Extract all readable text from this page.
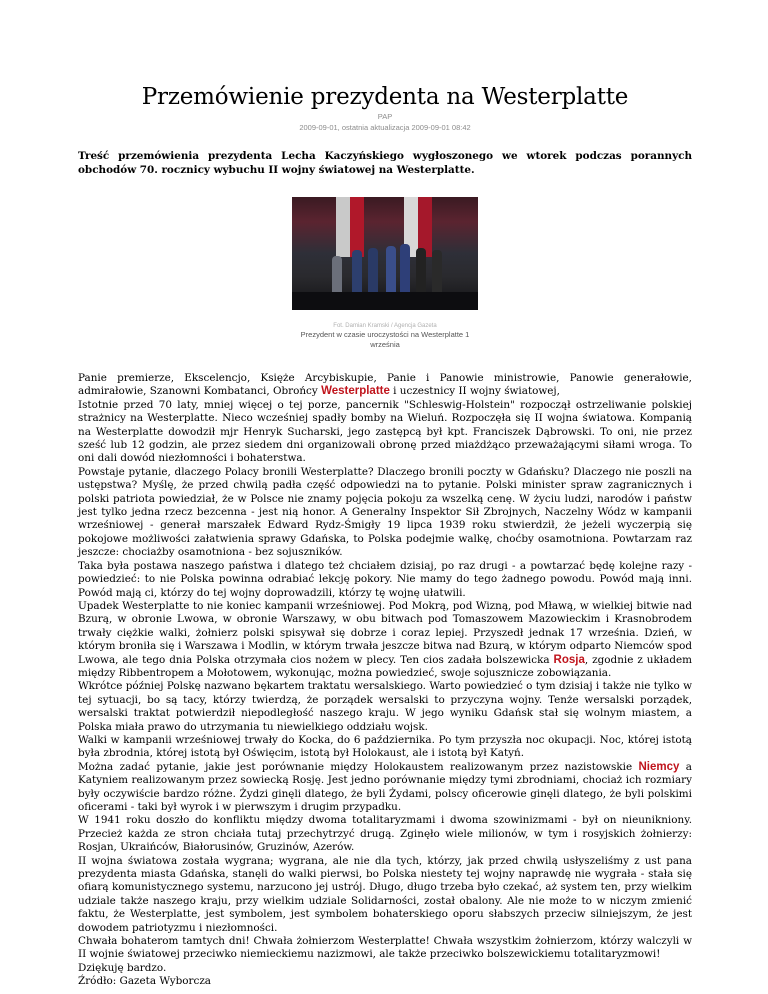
Przemówienie prezydenta na Westerplatte
PAP
2009-09-01, ostatnia aktualizacja 2009-09-01 08:42
Treść przemówienia prezydenta Lecha Kaczyńskiego wygłoszonego we wtorek podczas porannych obchodów 70. rocznicy wybuchu II wojny światowej na Westerplatte.
Fot. Damian Kramski / Agencja Gazeta
Prezydent w czasie uroczystości na Westerplatte 1 września

Panie premierze, Ekscelencjo, Księże Arcybiskupie, Panie i Panowie ministrowie, Panowie generałowie, admirałowie, Szanowni Kombatanci, Obrońcy Westerplatte i uczestnicy II wojny światowej,

Istotnie przed 70 laty, mniej więcej o tej porze, pancernik "Schleswig-Holstein" rozpoczął ostrzeliwanie polskiej strażnicy na Westerplatte. Nieco wcześniej spadły bomby na Wieluń. Rozpoczęła się II wojna światowa. Kompanią na Westerplatte dowodził mjr Henryk Sucharski, jego zastępcą był kpt. Franciszek Dąbrowski. To oni, nie przez sześć lub 12 godzin, ale przez siedem dni organizowali obronę przed miażdżąco przeważającymi siłami wroga. To oni dali dowód niezłomności i bohaterstwa.

Powstaje pytanie, dlaczego Polacy bronili Westerplatte? Dlaczego bronili poczty w Gdańsku? Dlaczego nie poszli na ustępstwa? Myślę, że przed chwilą padła część odpowiedzi na to pytanie. Polski minister spraw zagranicznych i polski patriota powiedział, że w Polsce nie znamy pojęcia pokoju za wszelką cenę. W życiu ludzi, narodów i państw jest tylko jedna rzecz bezcenna - jest nią honor. A Generalny Inspektor Sił Zbrojnych, Naczelny Wódz w kampanii wrześniowej - generał marszałek Edward Rydz-Śmigły 19 lipca 1939 roku stwierdził, że jeżeli wyczerpią się pokojowe możliwości załatwienia sprawy Gdańska, to Polska podejmie walkę, choćby osamotniona. Powtarzam raz jeszcze: chociażby osamotniona - bez sojuszników.

Taka była postawa naszego państwa i dlatego też chciałem dzisiaj, po raz drugi - a powtarzać będę kolejne razy - powiedzieć: to nie Polska powinna odrabiać lekcję pokory. Nie mamy do tego żadnego powodu. Powód mają inni. Powód mają ci, którzy do tej wojny doprowadzili, którzy tę wojnę ułatwili.

Upadek Westerplatte to nie koniec kampanii wrześniowej. Pod Mokrą, pod Wizną, pod Mławą, w wielkiej bitwie nad Bzurą, w obronie Lwowa, w obronie Warszawy, w obu bitwach pod Tomaszowem Mazowieckim i Krasnobrodem trwały ciężkie walki, żołnierz polski spisywał się dobrze i coraz lepiej. Przyszedł jednak 17 września. Dzień, w którym broniła się i Warszawa i Modlin, w którym trwała jeszcze bitwa nad Bzurą, w którym odparto Niemców spod Lwowa, ale tego dnia Polska otrzymała cios nożem w plecy. Ten cios zadała bolszewicka Rosja, zgodnie z układem między Ribbentropem a Mołotowem, wykonując, można powiedzieć, swoje sojusznicze zobowiązania.

Wkrótce później Polskę nazwano bękartem traktatu wersalskiego. Warto powiedzieć o tym dzisiaj i także nie tylko w tej sytuacji, bo są tacy, którzy twierdzą, że porządek wersalski to przyczyna wojny. Tenże wersalski porządek, wersalski traktat potwierdził niepodległość naszego kraju. W jego wyniku Gdańsk stał się wolnym miastem, a Polska miała prawo do utrzymania tu niewielkiego oddziału wojsk.

Walki w kampanii wrześniowej trwały do Kocka, do 6 października. Po tym przyszła noc okupacji. Noc, której istotą była zbrodnia, której istotą był Oświęcim, istotą był Holokaust, ale i istotą był Katyń.

Można zadać pytanie, jakie jest porównanie między Holokaustem realizowanym przez nazistowskie Niemcy a Katyniem realizowanym przez sowiecką Rosję. Jest jedno porównanie między tymi zbrodniami, chociaż ich rozmiary były oczywiście bardzo różne. Żydzi ginęli dlatego, że byli Żydami, polscy oficerowie ginęli dlatego, że byli polskimi oficerami - taki był wyrok i w pierwszym i drugim przypadku.

W 1941 roku doszło do konfliktu między dwoma totalitaryzmami i dwoma szowinizmami - był on nieunikniony. Przecież każda ze stron chciała tutaj przechytrzyć drugą. Zginęło wiele milionów, w tym i rosyjskich żołnierzy: Rosjan, Ukraińców, Białorusinów, Gruzinów, Azerów.

II wojna światowa została wygrana; wygrana, ale nie dla tych, którzy, jak przed chwilą usłyszeliśmy z ust pana prezydenta miasta Gdańska, stanęli do walki pierwsi, bo Polska niestety tej wojny naprawdę nie wygrała - stała się ofiarą komunistycznego systemu, narzucono jej ustrój. Długo, długo trzeba było czekać, aż system ten, przy wielkim udziale także naszego kraju, przy wielkim udziale Solidarności, został obalony. Ale nie może to w niczym zmienić faktu, że Westerplatte, jest symbolem, jest symbolem bohaterskiego oporu słabszych przeciw silniejszym, że jest dowodem patriotyzmu i niezłomności.

Chwała bohaterom tamtych dni! Chwała żołnierzom Westerplatte! Chwała wszystkim żołnierzom, którzy walczyli w II wojnie światowej przeciwko niemieckiemu nazizmowi, ale także przeciwko bolszewickiemu totalitaryzmowi!

Dziękuję bardzo.

Źródło: Gazeta Wyborcza
